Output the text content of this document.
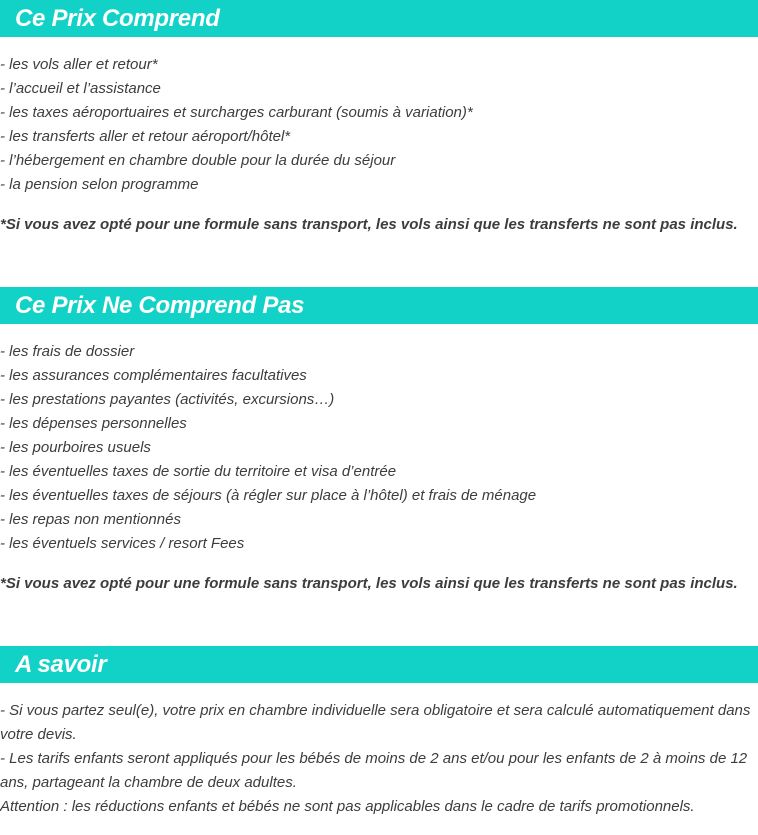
Ce Prix Comprend
- les vols aller et retour*
- l’accueil et l’assistance
- les taxes aéroportuaires et surcharges carburant (soumis à variation)*
- les transferts aller et retour aéroport/hôtel*
- l’hébergement en chambre double pour la durée du séjour
- la pension selon programme
*Si vous avez opté pour une formule sans transport, les vols ainsi que les transferts ne sont pas inclus.
Ce Prix Ne Comprend Pas
- les frais de dossier
- les assurances complémentaires facultatives
- les prestations payantes (activités, excursions…)
- les dépenses personnelles
- les pourboires usuels
- les éventuelles taxes de sortie du territoire et visa d’entrée
- les éventuelles taxes de séjours (à régler sur place à l’hôtel) et frais de ménage
- les repas non mentionnés
- les éventuels services / resort Fees
*Si vous avez opté pour une formule sans transport, les vols ainsi que les transferts ne sont pas inclus.
A savoir

- Si vous partez seul(e), votre prix en chambre individuelle sera obligatoire et sera calculé automatiquement dans votre devis.

- Les tarifs enfants seront appliqués pour les bébés de moins de 2 ans et/ou pour les enfants de 2 à moins de 12 ans, partageant la chambre de deux adultes.

Attention : les réductions enfants et bébés ne sont pas applicables dans le cadre de tarifs promotionnels.
